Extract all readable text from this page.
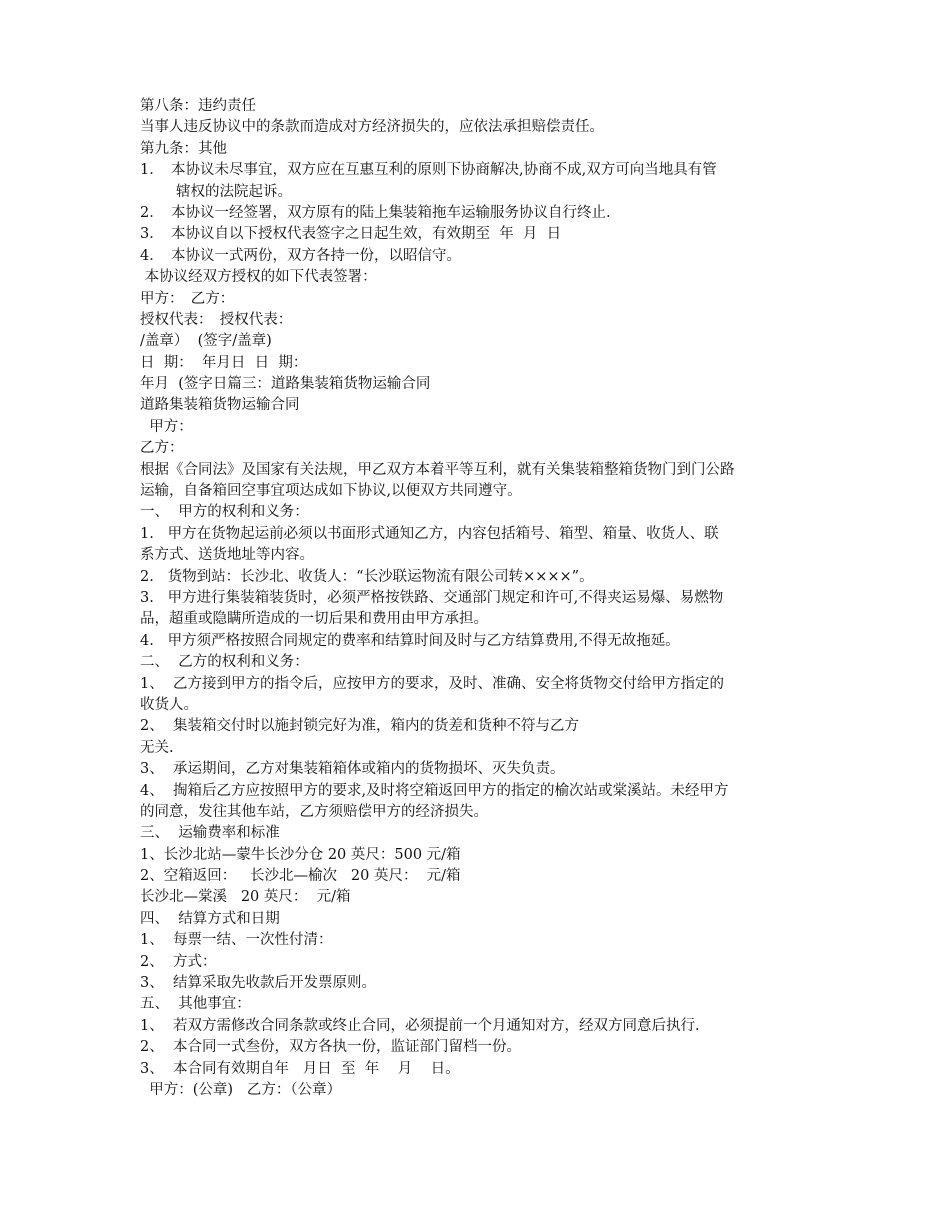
第八条：违约责任
当事人违反协议中的条款而造成对方经济损失的，应依法承担赔偿责任。
第九条：其他
1．　本协议未尽事宜，双方应在互惠互利的原则下协商解决,协商不成,双方可向当地具有管
辖权的法院起诉。
2．　本协议一经签署，双方原有的陆上集装箱拖车运输服务协议自行终止.
3．　本协议自以下授权代表签字之日起生效，有效期至  年  月  日
4．　本协议一式两份，双方各持一份，以昭信守。
本协议经双方授权的如下代表签署：
甲方：　乙方：
授权代表：　授权代表：
/盖章）  (签字/盖章)
日  期：  年月日  日  期：
年月  (签字日篇三：道路集装箱货物运输合同
道路集装箱货物运输合同
甲方：
乙方：
根据《合同法》及国家有关法规，甲乙双方本着平等互利，就有关集装箱整箱货物门到门公路
运输，自备箱回空事宜项达成如下协议,以便双方共同遵守。
一、  甲方的权利和义务：
1.   甲方在货物起运前必须以书面形式通知乙方，内容包括箱号、箱型、箱量、收货人、联
系方式、送货地址等内容。
2.   货物到站：长沙北、收货人：“长沙联运物流有限公司转××××”。
3.   甲方进行集装箱装货时，必须严格按铁路、交通部门规定和许可,不得夹运易爆、易燃物
品，超重或隐瞒所造成的一切后果和费用由甲方承担。
4.   甲方须严格按照合同规定的费率和结算时间及时与乙方结算费用,不得无故拖延。
二、  乙方的权利和义务：
1、  乙方接到甲方的指令后，应按甲方的要求，及时、准确、安全将货物交付给甲方指定的
收货人。
2、  集装箱交付时以施封锁完好为准，箱内的货差和货种不符与乙方
无关.
3、  承运期间，乙方对集装箱箱体或箱内的货物损坏、灭失负责。
4、  掏箱后乙方应按照甲方的要求,及时将空箱返回甲方的指定的榆次站或棠溪站。未经甲方
的同意，发往其他车站，乙方须赔偿甲方的经济损失。
三、  运输费率和标准
1、长沙北站—蒙牛长沙分仓 20 英尺：500 元/箱
2、空箱返回：   长沙北—榆次   20 英尺：  元/箱
长沙北—棠溪   20 英尺：  元/箱
四、  结算方式和日期
1、  每票一结、一次性付清：
2、  方式：
3、  结算采取先收款后开发票原则。
五、  其他事宜：
1、  若双方需修改合同条款或终止合同，必须提前一个月通知对方，经双方同意后执行.
2、  本合同一式叁份，双方各执一份，监证部门留档一份。
3、  本合同有效期自年   月日  至  年    月    日。
甲方：(公章)   乙方：（公章）
